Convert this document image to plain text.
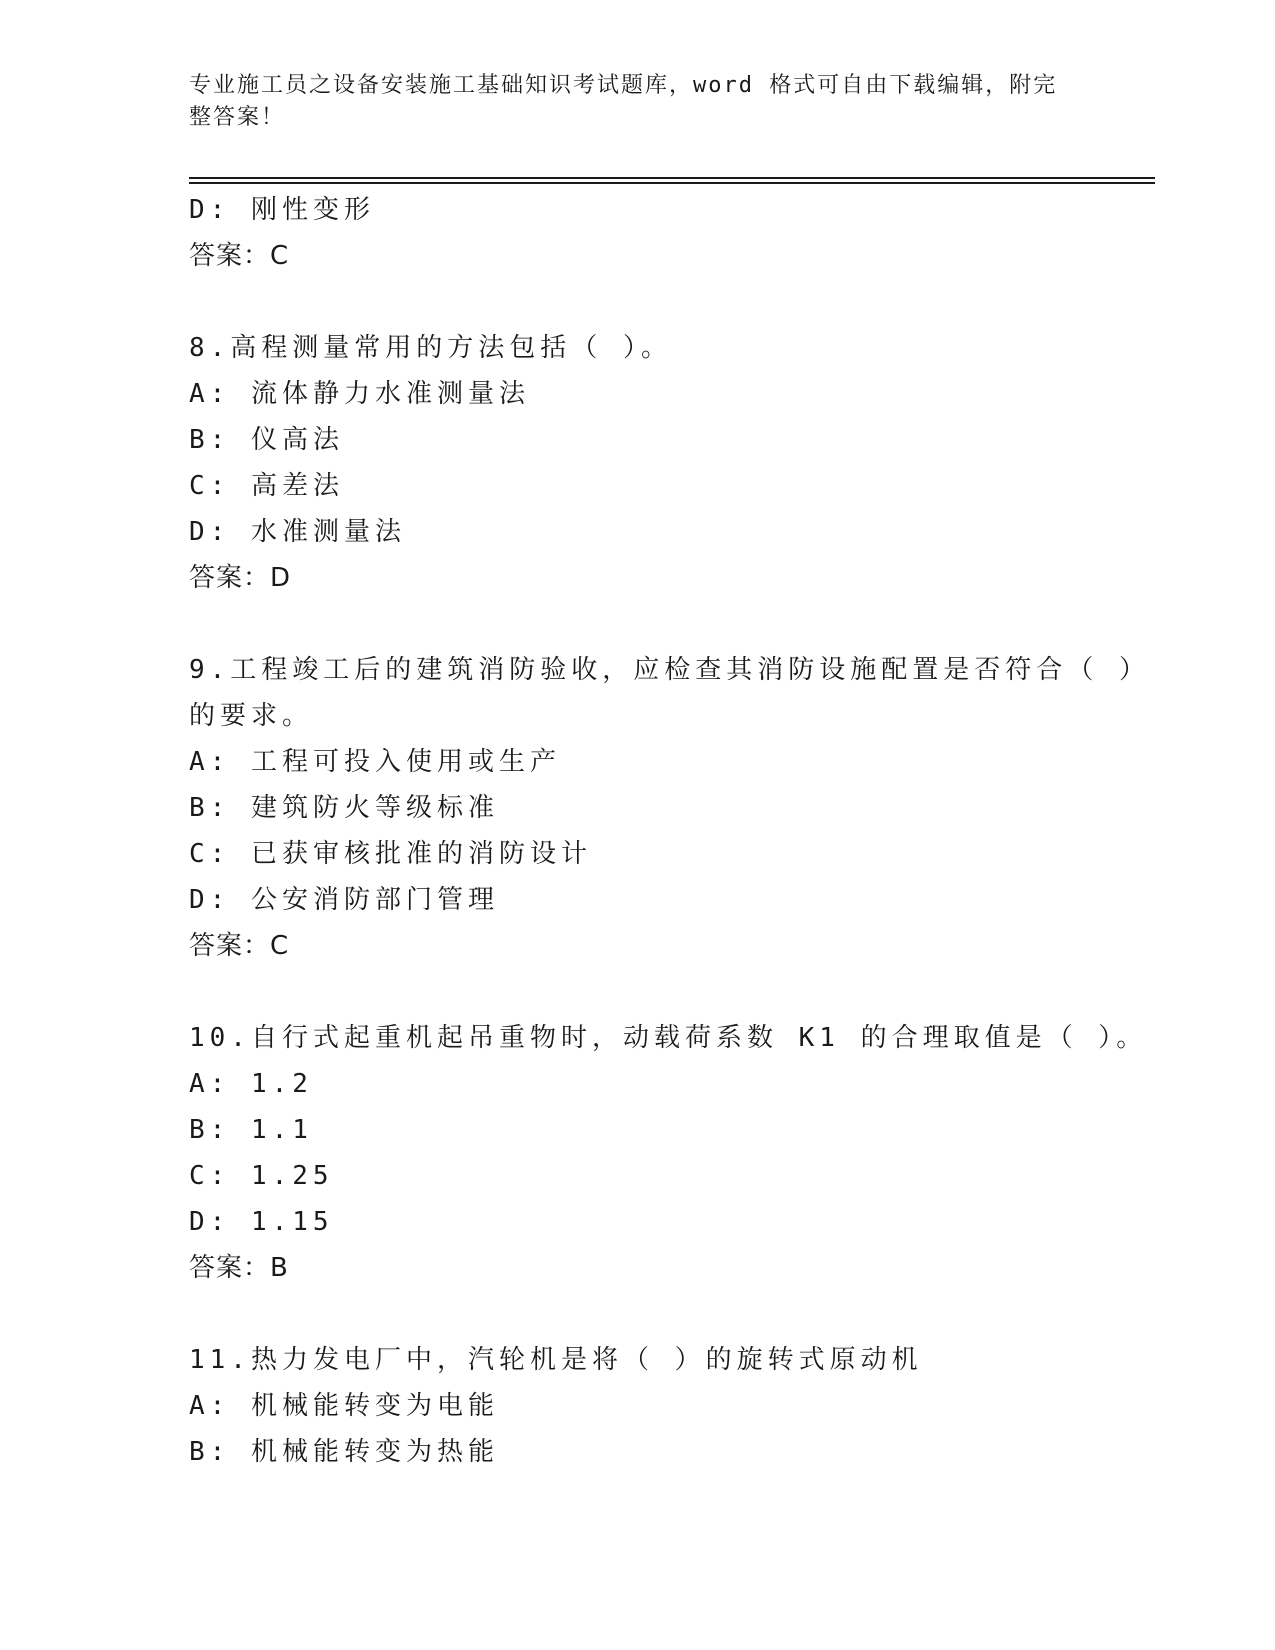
专业施工员之设备安装施工基础知识考试题库，word 格式可自由下载编辑，附完
整答案！
D: 刚性变形
答案：C
8.高程测量常用的方法包括（ ）。
A: 流体静力水准测量法
B: 仪高法
C: 高差法
D: 水准测量法
答案：D
9.工程竣工后的建筑消防验收，应检查其消防设施配置是否符合（ ）
的要求。
A: 工程可投入使用或生产
B: 建筑防火等级标准
C: 已获审核批准的消防设计
D: 公安消防部门管理
答案：C
10.自行式起重机起吊重物时，动载荷系数 K1 的合理取值是（ ）。
A: 1.2
B: 1.1
C: 1.25
D: 1.15
答案：B
11.热力发电厂中，汽轮机是将（ ）的旋转式原动机
A: 机械能转变为电能
B: 机械能转变为热能
